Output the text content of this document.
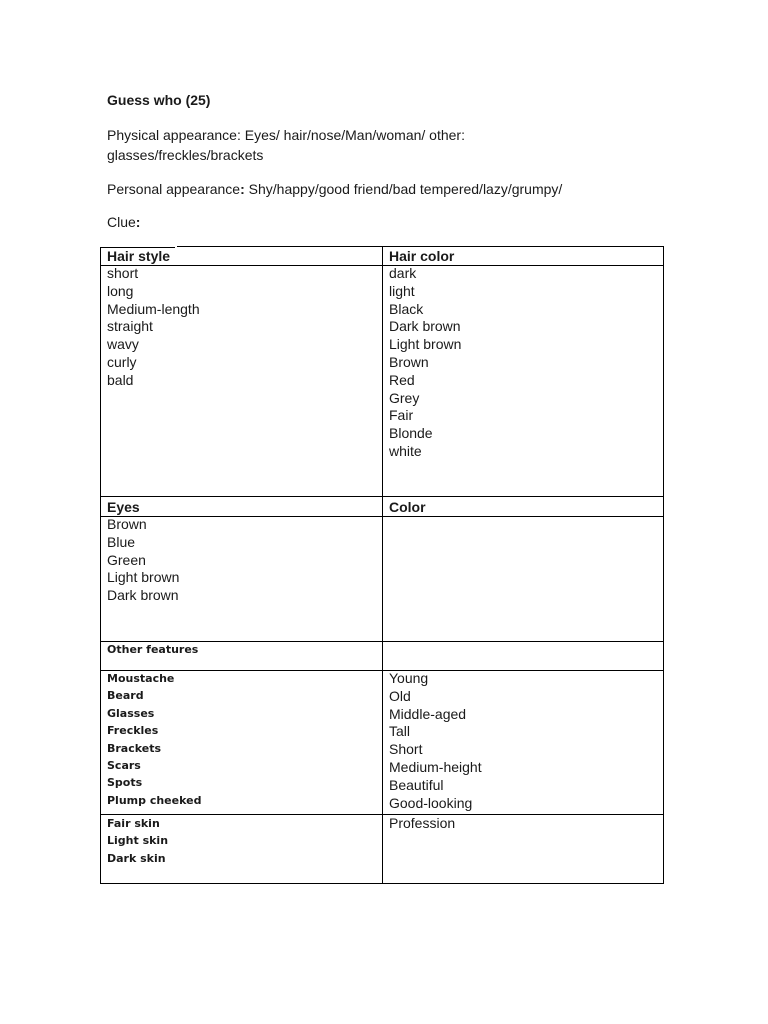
Guess who (25)
Physical appearance: Eyes/ hair/nose/Man/woman/ other:
glasses/freckles/brackets
Personal appearance: Shy/happy/good friend/bad tempered/lazy/grumpy/
Clue:
Hair style	Hair color
short
long
Medium-length
straight
wavy
curly
bald
dark
light
Black
Dark brown
Light brown
Brown
Red
Grey
Fair
Blonde
white
Eyes	Color
Brown
Blue
Green
Light brown
Dark brown
Other features
Moustache
Beard
Glasses
Freckles
Brackets
Scars
Spots
Plump cheeked
Young
Old
Middle-aged
Tall
Short
Medium-height
Beautiful
Good-looking
Fair skin
Light skin
Dark skin
Profession
